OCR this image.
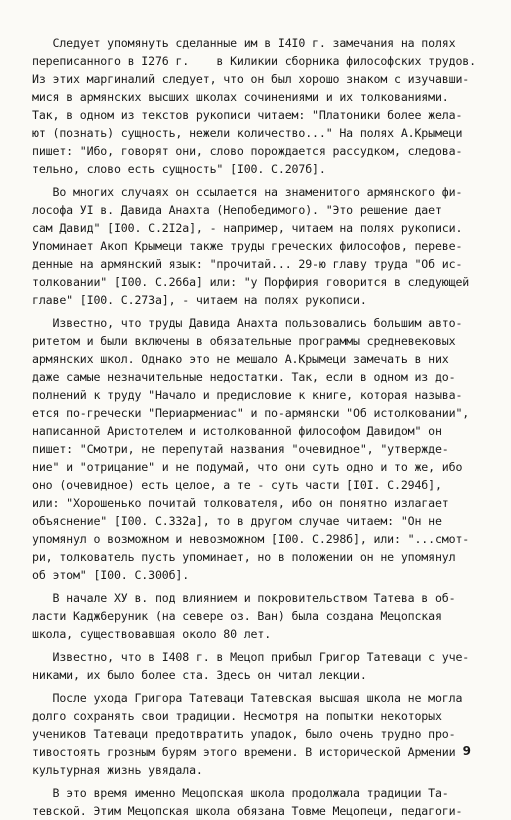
Следует упомянуть сделанные им в I4I0 г. замечания на полях
переписанного в I276 г.    в Киликии сборника философских трудов.
Из этих маргиналий следует, что он был хорошо знаком с изучавши-
мися в армянских высших школах сочинениями и их толкованиями.
Так, в одном из текстов рукописи читаем: "Платоники более желa-
ют (познать) сущность, нежели количество..." На полях А.Крымеци
пишет: "Ибо, говорят они, слово порождается рассудком, следова-
тельно, слово есть сущность" [I00. С.207б].
Во многих случаях он ссылается на знаменитого армянского фи-
лософа УI в. Давида Анахта (Непобедимого). "Это решение дает
сам Давид" [I00. С.2I2а], - например, читаем на полях рукописи.
Упоминает Акоп Крымеци также труды греческих философов, переве-
денные на армянский язык: "прочитай... 29-ю главу труда "Об ис-
толковании" [I00. С.266а] или: "у Порфирия говорится в следующей
главе" [I00. С.273а], - читаем на полях рукописи.
Известно, что труды Давида Анахта пользовались большим авто-
ритетом и были включены в обязательные программы средневековых
армянских школ. Однако это не мешало А.Крымеци замечать в них
даже самые незначительные недостатки. Так, если в одном из до-
полнений к труду "Начало и предисловие к книге, которая называ-
ется по-гречески "Периармениас" и по-армянски "Об истолковании",
написанной Аристотелем и истолкованной философом Давидом" он
пишет: "Смотри, не перепутай названия "очевидное", "утвержде-
ние" и "отрицание" и не подумай, что они суть одно и то же, ибо
оно (очевидное) есть целое, а те - суть части [I0I. С.294б],
или: "Хорошенько почитай толкователя, ибо он понятно излагает
объяснение" [I00. С.332а], то в другом случае читаем: "Он не
упомянул о возможном и невозможном [I00. С.298б], или: "...смот-
ри, толкователь пусть упоминает, но в положении он не упомянул
об этом" [I00. С.300б].
В начале ХУ в. под влиянием и покровительством Татева в об-
ласти Кадж6еруник (на севере оз. Ван) была создана Мецопская
школа, существовавшая около 80 лет.
Известно, что в I408 г. в Мецоп прибыл Григор Татеваци с уче-
никами, их было более ста. Здесь он читал лекции.
После ухода Григора Татеваци Татевская высшая школа не могла
долго сохранять свои традиции. Несмотря на попытки некоторых
учеников Татеваци предотвратить упадок, было очень трудно про-
тивостоять грозным бурям этого времени. В исторической Армении
культурная жизнь увядала.
В это время именно Мецопская школа продолжала традиции Та-
тевской. Этим Мецопская школа обязана Товме Мецопеци, педагоги-
9
